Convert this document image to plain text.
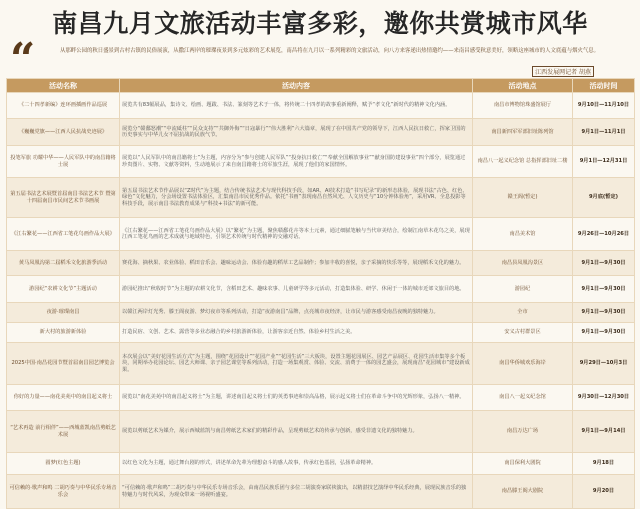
南昌九月文旅活动丰富多彩，邀你共赏城市风华
“	从那畔公园的秋日盛景到古村古镇的民俗展演，从撒江两岸的璀璨夜景到多元炫彩的艺术展览，南昌将在九月以一系列精彩的文旅活动，向八方来客递出热情邀约——来南昌感受秋意美好，领略这座城市的人文底蕴与烟火气息。
江西发展网记者 胡燕
活动名称	活动内容	活动地点	活动时间
《二十四孝新编》连环画插画作品巡展	展览共有83幅展品，集诗文、绘画、题跋、书法、篆刻等艺术于一体，将传统二十四孝的故事重新阐释，赋予“孝文化”新时代的精神文化内涵。	南昌市博物馆珠盛馆展厅	9月10日—11月10日
《巍巍党旗——江西人民抗战史迹展》	展览分“赣鄱怒潮”“中流砥柱”“民众支持”“共御外侮”“日寇暴行”“伟大胜利”六大篇章，展现了在中国共产党的领导下，江西人民抗日救亡，挥家卫国的历史事实与中华儿女不屈抗战的民族气节。	南昌新四军军部旧址陈列馆	9月1日—11月1日
投笔军旅 功耀中华——人民军队中的南昌籍将士展	展览以“人民军队中的南昌籍将士”为主题，内容分为“参与创建人民军队”“投身抗日救亡”“奉献全国解放事业”“献身国防建设事业”四个部分，展览通过珍贵图片、实物、文献等资料，生动地展示了来自南昌籍将士的军旅生涯，展现了他们的家国情怀。	南昌八一起义纪念馆 总指挥部旧址二楼	9月1日—12月31日
第五届书法艺术展暨首届南昌书法艺术节 暨第十四届南昌市民间艺术节书画展	第五届书法艺术节作品展以“Z时代”为主题，结合传统书法艺术与现代科技手段，如AR、AI技术打造“书写纪录”的新形态体验，展现书法“古色、红色、绿色”文化魅力，分会场设置书法体验区，汇集南昌市民优秀作品。依托“书画”表现南昌自然风光、人文历史与“10分钟体验角”，采用VR、全息投影等科技手段，展示南昌书法教育成果与“科技+书法”的新可能。	赣王阁(暂定)	9月底(暂定)
《江右繁花——江西省工笔花鸟画作品大展》	《江右繁花——江西省工笔花鸟画作品大展》以“繁花”为主题，聚焦赣鄱花卉等本土元素，通过细腻笔触与当代审美结合，绘制江南草木花鸟之美，展现江西工笔花鸟画的艺术成就与地域特色，引领艺术传统与时代精神的交融对话。	南昌美术馆	9月26日—10月26日
黄马凤凰沟第二届稻禾文化旅游季活动	赛花海、摘秋果、农业体验、稻田音乐会、趣味运动会、体验有趣的稻草工艺品制作；参加丰收的喜悦，亲子采摘的快乐等等，展现稻禾文化的魅力。	南昌县凤凰沟景区	9月1日—9月30日
游园纪“农耕文化节”主题活动	游园纪推出“秋收时节”为主题的农耕文化节，含稻田艺术、趣味农事、儿童研学等多元活动，打造集体验、研学、休闲于一体的城市近郊文旅目的地。	游园纪	9月1日—9月30日
夜游·璀璨南昌	以赣江两岸灯光秀、滕王阁夜游、梦幻夜市等系列活动，打造“夜游南昌”品牌，点亮城市夜经济，让市民与游客感受南昌夜晚的独特魅力。	全市	9月1日—9月30日
新大村的旅游新体验	打造民宿、文创、艺术、露营等多业态融合的乡村旅游新体验，让游客亲近自然、体验乡村生活之美。	安义古村群景区	9月1日—9月30日
2025中国·南昌花园节暨首届南昌园艺博览会	本次展会以“美好花园生活方式”为主题，围绕“花园设计”“花园产业”“花园生活”三大板块，设置主题花园展区、园艺产品展区、花园生活市集等多个板块，同期举办花园论坛、园艺大师课、亲子园艺课堂等系列活动，打造一场集观赏、体验、交流、消费于一体的园艺盛会，展现南昌“花园城市”建设新成果。	南昌华侨城欢乐海岸	9月29日—10月3日
你好的力量——南花美苑中的南昌起义将士	展览以“南花美苑中的南昌起义将士”为主题，讲述南昌起义将士们的英勇事迹和崇高品格，展示起义将士们在革命斗争中的光辉形象，弘扬八一精神。	南昌八一起义纪念馆	9月30日—12月30日
“艺术再造 前行相伴”——西城蓝凯南昌剪纸艺术展	展览以剪纸艺术为媒介，展示西城蓝凯与南昌剪纸艺术家们的精彩作品，呈现剪纸艺术的传承与创新，感受非遗文化的独特魅力。	南昌万达广场	9月1日—9月14日
圆梦(红色主题)	以红色文化为主题，通过舞台剧的形式，讲述革命先辈为理想奋斗的感人故事，传承红色基因，弘扬革命精神。	南昌保利大剧院	9月18日
可信赖的·歌声和鸣 二胡巧奏与中华民乐专场音乐会	“可信赖的·歌声和鸣”二胡巧奏与中华民乐专场音乐会，由南昌民族乐团与多位二胡演奏家联袂演出，以精湛技艺演绎中华民乐经典，展现民族音乐的独特魅力与时代风采，为观众带来一场视听盛宴。	南昌滕王阁大剧院	9月20日
